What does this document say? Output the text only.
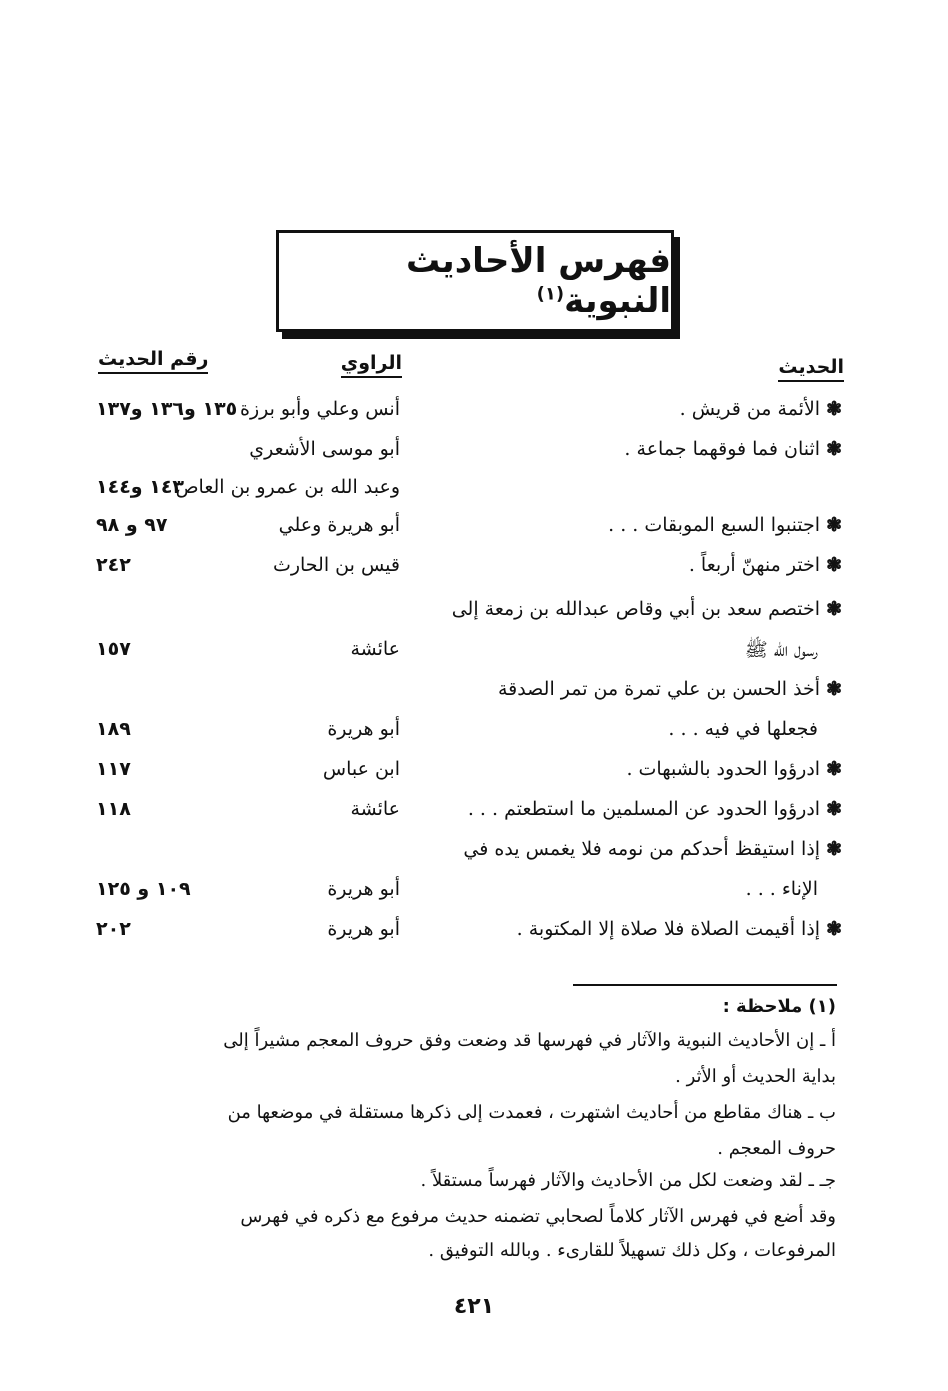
فهرس الأحاديث النبوية$^{(١)}$
الحديث
الراوي
رقم الحديث
❃الأئمة من قريش .
أنس وعلي وأبو برزة
١٣٥ و١٣٦ و١٣٧
❃اثنان فما فوقهما جماعة .
أبو موسى الأشعري
وعبد الله بن عمرو بن العاص
١٤٣ و١٤٤
❃اجتنبوا السبع الموبقات . . .
أبو هريرة وعلي
٩٧ و ٩٨
❃اختر منهنّ أربعاً .
قيس بن الحارث
٢٤٢
❃اختصم سعد بن أبي وقاص عبدالله بن زمعة إلى
رسول الله ﷺ
عائشة
١٥٧
❃أخذ الحسن بن علي تمرة من تمر الصدقة
فجعلها في فيه . . .
أبو هريرة
١٨٩
❃ادرؤوا الحدود بالشبهات .
ابن عباس
١١٧
❃ادرؤوا الحدود عن المسلمين ما استطعتم . . .
عائشة
١١٨
❃إذا استيقظ أحدكم من نومه فلا يغمس يده في
الإناء . . .
أبو هريرة
١٠٩ و ١٢٥
❃إذا أقيمت الصلاة فلا صلاة إلا المكتوبة .
أبو هريرة
٢٠٢
(١) ملاحظة :
أ ـ إن الأحاديث النبوية والآثار في فهرسها قد وضعت وفق حروف المعجم مشيراً إلى
بداية الحديث أو الأثر .
ب ـ هناك مقاطع من أحاديث اشتهرت ، فعمدت إلى ذكرها مستقلة في موضعها من
حروف المعجم .
جـ ـ لقد وضعت لكل من الأحاديث والآثار فهرساً مستقلاً .
وقد أضع في فهرس الآثار كلاماً لصحابي تضمنه حديث مرفوع مع ذكره في فهرس
المرفوعات ، وكل ذلك تسهيلاً للقارىء . وبالله التوفيق .
٤٢١
